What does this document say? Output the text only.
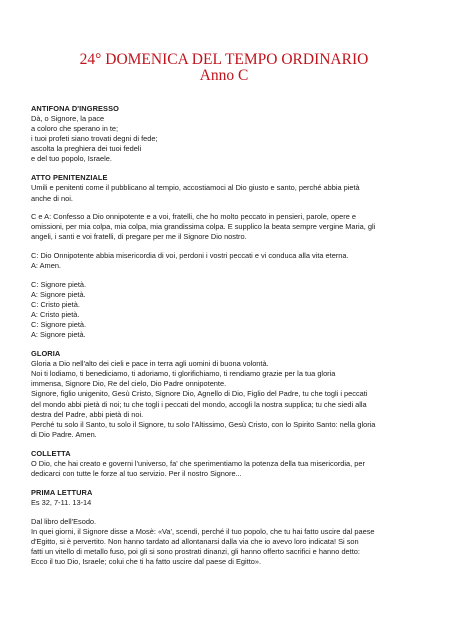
24° DOMENICA DEL TEMPO ORDINARIO
Anno C
ANTIFONA D'INGRESSO
Dà, o Signore, la pace
a coloro che sperano in te;
i tuoi profeti siano trovati degni di fede;
ascolta la preghiera dei tuoi fedeli
e del tuo popolo, Israele.
ATTO PENITENZIALE
Umili e penitenti come il pubblicano al tempio, accostiamoci al Dio giusto e santo, perché abbia pietà
anche di noi.
C e A: Confesso a Dio onnipotente e a voi, fratelli, che ho molto peccato in pensieri, parole, opere e
omissioni, per mia colpa, mia colpa, mia grandissima colpa. E supplico la beata sempre vergine Maria, gli
angeli, i santi e voi fratelli, di pregare per me il Signore Dio nostro.
C: Dio Onnipotente abbia misericordia di voi, perdoni i vostri peccati e vi conduca alla vita eterna.
A: Amen.
C: Signore pietà.
A: Signore pietà.
C: Cristo pietà.
A: Cristo pietà.
C: Signore pietà.
A: Signore pietà.
GLORIA
Gloria a Dio nell'alto dei cieli e pace in terra agli uomini di buona volontà.
Noi ti lodiamo, ti benediciamo, ti adoriamo, ti glorifichiamo, ti rendiamo grazie per la tua gloria
immensa, Signore Dio, Re del cielo, Dio Padre onnipotente.
Signore, figlio unigenito, Gesù Cristo, Signore Dio, Agnello di Dio, Figlio del Padre, tu che togli i peccati
del mondo abbi pietà di noi; tu che togli i peccati del mondo, accogli la nostra supplica; tu che siedi alla
destra del Padre, abbi pietà di noi.
Perché tu solo il Santo, tu solo il Signore, tu solo l'Altissimo, Gesù Cristo, con lo Spirito Santo: nella gloria
di Dio Padre. Amen.
COLLETTA
O Dio, che hai creato e governi l'universo, fa' che sperimentiamo la potenza della tua misericordia, per
dedicarci con tutte le forze al tuo servizio. Per il nostro Signore...
PRIMA LETTURA
Es 32, 7-11. 13-14
Dal libro dell'Esodo.
In quei giorni, il Signore disse a Mosè: «Va', scendi, perché il tuo popolo, che tu hai fatto uscire dal paese
d'Egitto, si è pervertito. Non hanno tardato ad allontanarsi dalla via che io avevo loro indicata! Si son
fatti un vitello di metallo fuso, poi gli si sono prostrati dinanzi, gli hanno offerto sacrifici e hanno detto:
Ecco il tuo Dio, Israele; colui che ti ha fatto uscire dal paese di Egitto».
